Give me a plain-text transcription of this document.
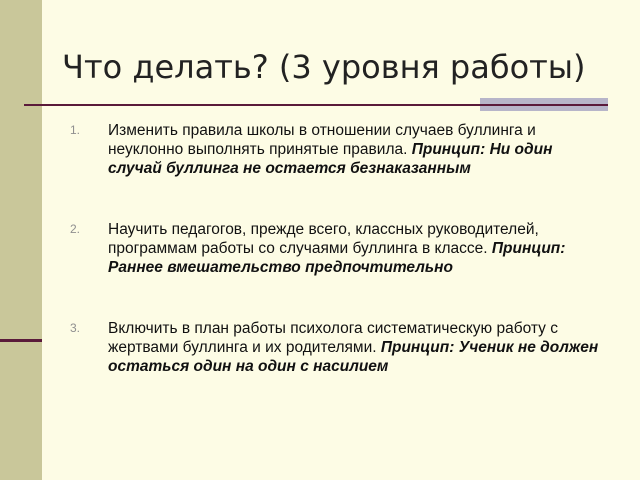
Что делать? (3 уровня работы)
1.	Изменить правила школы в отношении случаев буллинга и неуклонно выполнять принятые правила. Принцип: Ни один случай буллинга не остается безнаказанным
2.	Научить педагогов, прежде всего, классных руководителей, программам работы со случаями буллинга в классе. Принцип: Раннее вмешательство предпочтительно
3.	Включить в план работы психолога систематическую работу с жертвами буллинга и их родителями. Принцип: Ученик не должен остаться один на один с насилием
